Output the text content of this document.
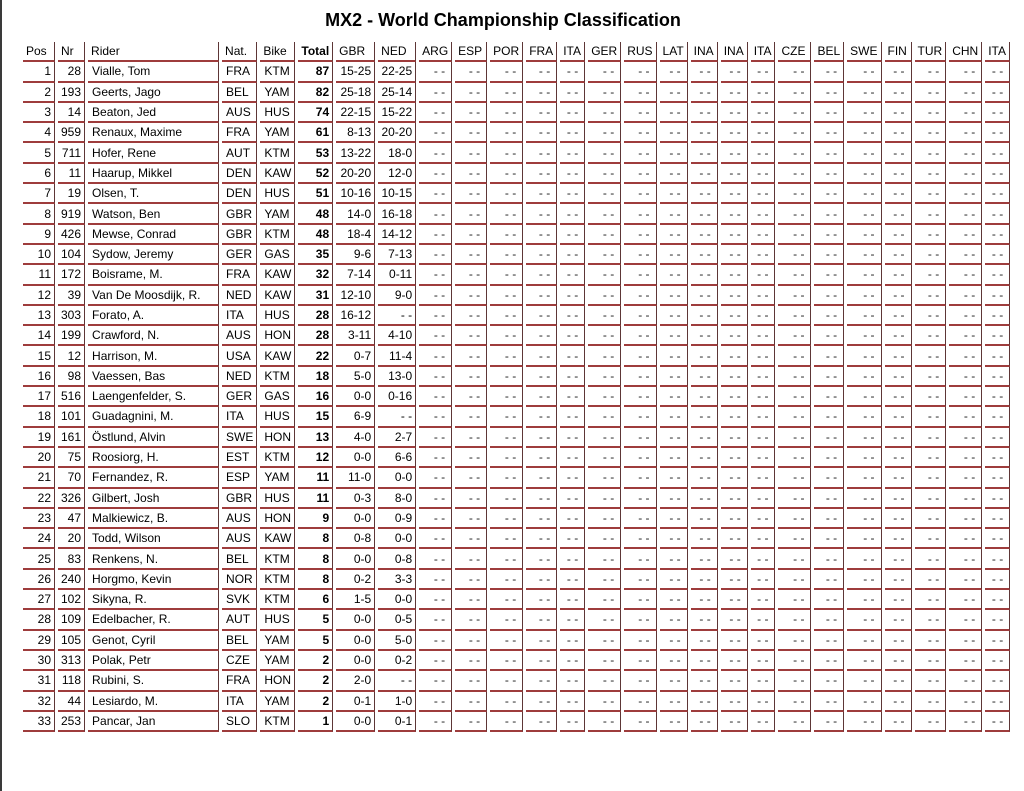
MX2 - World Championship Classification
Pos	Nr	Rider	Nat.	Bike	Total	GBR	NED	ARG	ESP	POR	FRA	ITA	GER	RUS	LAT	INA	INA	ITA	CZE	BEL	SWE	FIN	TUR	CHN	ITA
1	28	Vialle, Tom	FRA	KTM	87	15-25	22-25	- -	- -	- -	- -	- -	- -	- -	- -	- -	- -	- -	- -	- -	- -	- -	- -	- -	- -
2	193	Geerts, Jago	BEL	YAM	82	25-18	25-14	- -	- -	- -	- -	- -	- -	- -	- -	- -	- -	- -	- -	- -	- -	- -	- -	- -	- -
3	14	Beaton, Jed	AUS	HUS	74	22-15	15-22	- -	- -	- -	- -	- -	- -	- -	- -	- -	- -	- -	- -	- -	- -	- -	- -	- -	- -
4	959	Renaux, Maxime	FRA	YAM	61	8-13	20-20	- -	- -	- -	- -	- -	- -	- -	- -	- -	- -	- -	- -	- -	- -	- -	- -	- -	- -
5	711	Hofer, Rene	AUT	KTM	53	13-22	18-0	- -	- -	- -	- -	- -	- -	- -	- -	- -	- -	- -	- -	- -	- -	- -	- -	- -	- -
6	11	Haarup, Mikkel	DEN	KAW	52	20-20	12-0	- -	- -	- -	- -	- -	- -	- -	- -	- -	- -	- -	- -	- -	- -	- -	- -	- -	- -
7	19	Olsen, T.	DEN	HUS	51	10-16	10-15	- -	- -	- -	- -	- -	- -	- -	- -	- -	- -	- -	- -	- -	- -	- -	- -	- -	- -
8	919	Watson, Ben	GBR	YAM	48	14-0	16-18	- -	- -	- -	- -	- -	- -	- -	- -	- -	- -	- -	- -	- -	- -	- -	- -	- -	- -
9	426	Mewse, Conrad	GBR	KTM	48	18-4	14-12	- -	- -	- -	- -	- -	- -	- -	- -	- -	- -	- -	- -	- -	- -	- -	- -	- -	- -
10	104	Sydow, Jeremy	GER	GAS	35	9-6	7-13	- -	- -	- -	- -	- -	- -	- -	- -	- -	- -	- -	- -	- -	- -	- -	- -	- -	- -
11	172	Boisrame, M.	FRA	KAW	32	7-14	0-11	- -	- -	- -	- -	- -	- -	- -	- -	- -	- -	- -	- -	- -	- -	- -	- -	- -	- -
12	39	Van De Moosdijk, R.	NED	KAW	31	12-10	9-0	- -	- -	- -	- -	- -	- -	- -	- -	- -	- -	- -	- -	- -	- -	- -	- -	- -	- -
13	303	Forato, A.	ITA	HUS	28	16-12	- -	- -	- -	- -	- -	- -	- -	- -	- -	- -	- -	- -	- -	- -	- -	- -	- -	- -	- -
14	199	Crawford, N.	AUS	HON	28	3-11	4-10	- -	- -	- -	- -	- -	- -	- -	- -	- -	- -	- -	- -	- -	- -	- -	- -	- -	- -
15	12	Harrison, M.	USA	KAW	22	0-7	11-4	- -	- -	- -	- -	- -	- -	- -	- -	- -	- -	- -	- -	- -	- -	- -	- -	- -	- -
16	98	Vaessen, Bas	NED	KTM	18	5-0	13-0	- -	- -	- -	- -	- -	- -	- -	- -	- -	- -	- -	- -	- -	- -	- -	- -	- -	- -
17	516	Laengenfelder, S.	GER	GAS	16	0-0	0-16	- -	- -	- -	- -	- -	- -	- -	- -	- -	- -	- -	- -	- -	- -	- -	- -	- -	- -
18	101	Guadagnini, M.	ITA	HUS	15	6-9	- -	- -	- -	- -	- -	- -	- -	- -	- -	- -	- -	- -	- -	- -	- -	- -	- -	- -	- -
19	161	Östlund, Alvin	SWE	HON	13	4-0	2-7	- -	- -	- -	- -	- -	- -	- -	- -	- -	- -	- -	- -	- -	- -	- -	- -	- -	- -
20	75	Roosiorg, H.	EST	KTM	12	0-0	6-6	- -	- -	- -	- -	- -	- -	- -	- -	- -	- -	- -	- -	- -	- -	- -	- -	- -	- -
21	70	Fernandez, R.	ESP	YAM	11	11-0	0-0	- -	- -	- -	- -	- -	- -	- -	- -	- -	- -	- -	- -	- -	- -	- -	- -	- -	- -
22	326	Gilbert, Josh	GBR	HUS	11	0-3	8-0	- -	- -	- -	- -	- -	- -	- -	- -	- -	- -	- -	- -	- -	- -	- -	- -	- -	- -
23	47	Malkiewicz, B.	AUS	HON	9	0-0	0-9	- -	- -	- -	- -	- -	- -	- -	- -	- -	- -	- -	- -	- -	- -	- -	- -	- -	- -
24	20	Todd, Wilson	AUS	KAW	8	0-8	0-0	- -	- -	- -	- -	- -	- -	- -	- -	- -	- -	- -	- -	- -	- -	- -	- -	- -	- -
25	83	Renkens, N.	BEL	KTM	8	0-0	0-8	- -	- -	- -	- -	- -	- -	- -	- -	- -	- -	- -	- -	- -	- -	- -	- -	- -	- -
26	240	Horgmo, Kevin	NOR	KTM	8	0-2	3-3	- -	- -	- -	- -	- -	- -	- -	- -	- -	- -	- -	- -	- -	- -	- -	- -	- -	- -
27	102	Sikyna, R.	SVK	KTM	6	1-5	0-0	- -	- -	- -	- -	- -	- -	- -	- -	- -	- -	- -	- -	- -	- -	- -	- -	- -	- -
28	109	Edelbacher, R.	AUT	HUS	5	0-0	0-5	- -	- -	- -	- -	- -	- -	- -	- -	- -	- -	- -	- -	- -	- -	- -	- -	- -	- -
29	105	Genot, Cyril	BEL	YAM	5	0-0	5-0	- -	- -	- -	- -	- -	- -	- -	- -	- -	- -	- -	- -	- -	- -	- -	- -	- -	- -
30	313	Polak, Petr	CZE	YAM	2	0-0	0-2	- -	- -	- -	- -	- -	- -	- -	- -	- -	- -	- -	- -	- -	- -	- -	- -	- -	- -
31	118	Rubini, S.	FRA	HON	2	2-0	- -	- -	- -	- -	- -	- -	- -	- -	- -	- -	- -	- -	- -	- -	- -	- -	- -	- -	- -
32	44	Lesiardo, M.	ITA	YAM	2	0-1	1-0	- -	- -	- -	- -	- -	- -	- -	- -	- -	- -	- -	- -	- -	- -	- -	- -	- -	- -
33	253	Pancar, Jan	SLO	KTM	1	0-0	0-1	- -	- -	- -	- -	- -	- -	- -	- -	- -	- -	- -	- -	- -	- -	- -	- -	- -	- -
